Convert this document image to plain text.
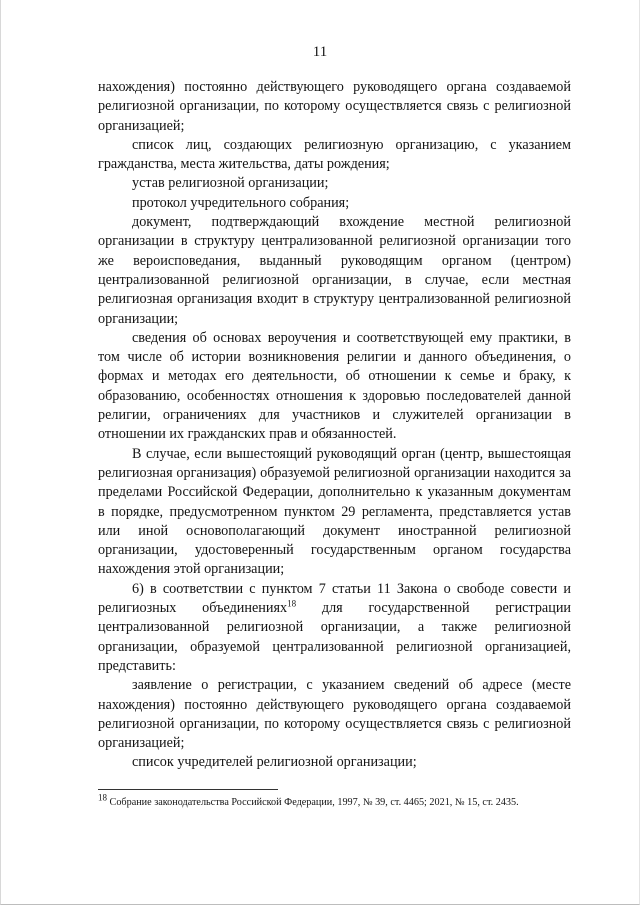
11

нахождения) постоянно действующего руководящего органа создаваемой религиозной организации, по которому осуществляется связь с религиозной организацией;

список лиц, создающих религиозную организацию, с указанием гражданства, места жительства, даты рождения;

устав религиозной организации;

протокол учредительного собрания;

документ, подтверждающий вхождение местной религиозной организации в структуру централизованной религиозной организации того же вероисповедания, выданный руководящим органом (центром) централизованной религиозной организации, в случае, если местная религиозная организация входит в структуру централизованной религиозной организации;

сведения об основах вероучения и соответствующей ему практики, в том числе об истории возникновения религии и данного объединения, о формах и методах его деятельности, об отношении к семье и браку, к образованию, особенностях отношения к здоровью последователей данной религии, ограничениях для участников и служителей организации в отношении их гражданских прав и обязанностей.

В случае, если вышестоящий руководящий орган (центр, вышестоящая религиозная организация) образуемой религиозной организации находится за пределами Российской Федерации, дополнительно к указанным документам в порядке, предусмотренном пунктом 29 регламента, представляется устав или иной основополагающий документ иностранной религиозной организации, удостоверенный государственным органом государства нахождения этой организации;

6) в соответствии с пунктом 7 статьи 11 Закона о свободе совести и религиозных объединениях$^{18}$ для государственной регистрации централизованной религиозной организации, а также религиозной организации, образуемой централизованной религиозной организацией, представить:

заявление о регистрации, с указанием сведений об адресе (месте нахождения) постоянно действующего руководящего органа создаваемой религиозной организации, по которому осуществляется связь с религиозной организацией;

список учредителей религиозной организации;

$^{18}$ Собрание законодательства Российской Федерации, 1997, № 39, ст. 4465; 2021, № 15, ст. 2435.
